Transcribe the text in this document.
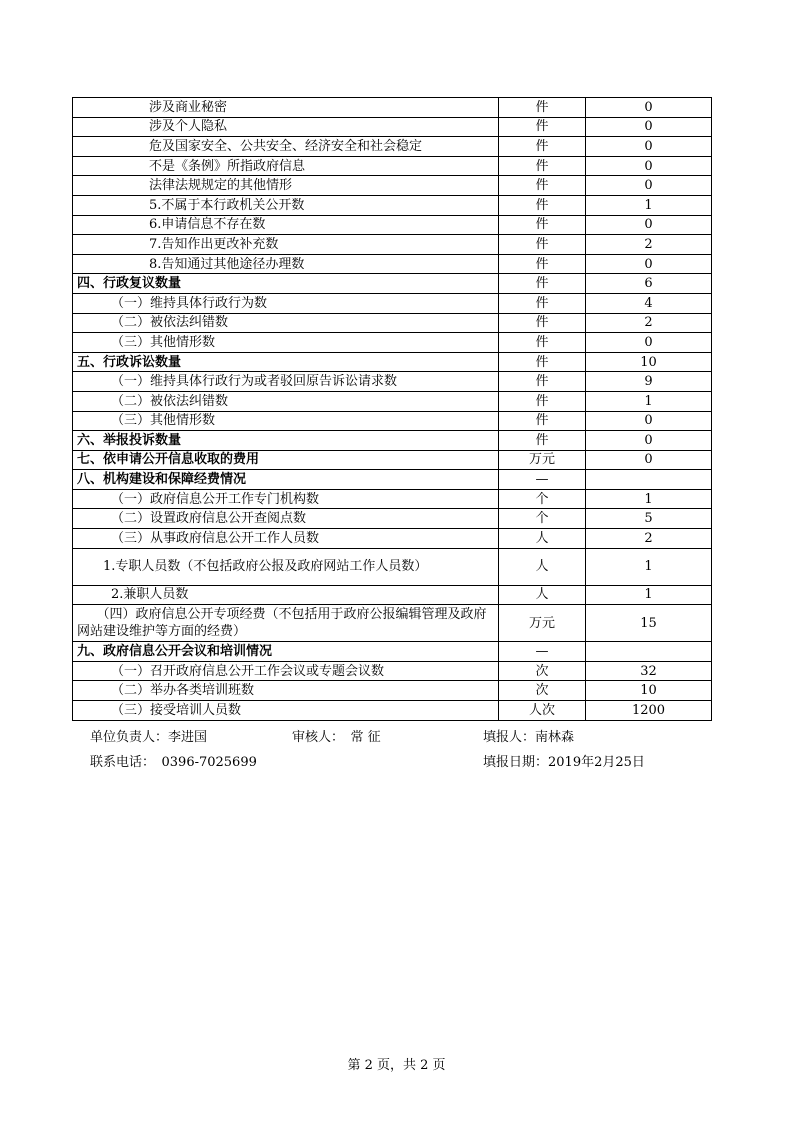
涉及商业秘密	件	0
涉及个人隐私	件	0
危及国家安全、公共安全、经济安全和社会稳定	件	0
不是《条例》所指政府信息	件	0
法律法规规定的其他情形	件	0
5.不属于本行政机关公开数	件	1
6.申请信息不存在数	件	0
7.告知作出更改补充数	件	2
8.告知通过其他途径办理数	件	0
四、行政复议数量	件	6
（一）维持具体行政行为数	件	4
（二）被依法纠错数	件	2
（三）其他情形数	件	0
五、行政诉讼数量	件	10
（一）维持具体行政行为或者驳回原告诉讼请求数	件	9
（二）被依法纠错数	件	1
（三）其他情形数	件	0
六、举报投诉数量	件	0
七、依申请公开信息收取的费用	万元	0
八、机构建设和保障经费情况	—	
（一）政府信息公开工作专门机构数	个	1
（二）设置政府信息公开查阅点数	个	5
（三）从事政府信息公开工作人员数	人	2
　　1.专职人员数（不包括政府公报及政府网站工作人员数）	人	1
2.兼职人员数	人	1
　　（四）政府信息公开专项经费（不包括用于政府公报编辑管理及政府网站建设维护等方面的经费）	万元	15
九、政府信息公开会议和培训情况	—	
（一）召开政府信息公开工作会议或专题会议数	次	32
（二）举办各类培训班数	次	10
（三）接受培训人员数	人次	1200
单位负责人：李进国	审核人：　常 征	填报人：南林森
联系电话：　0396-7025699	填报日期：2019年2月25日
第 2 页，共 2 页
